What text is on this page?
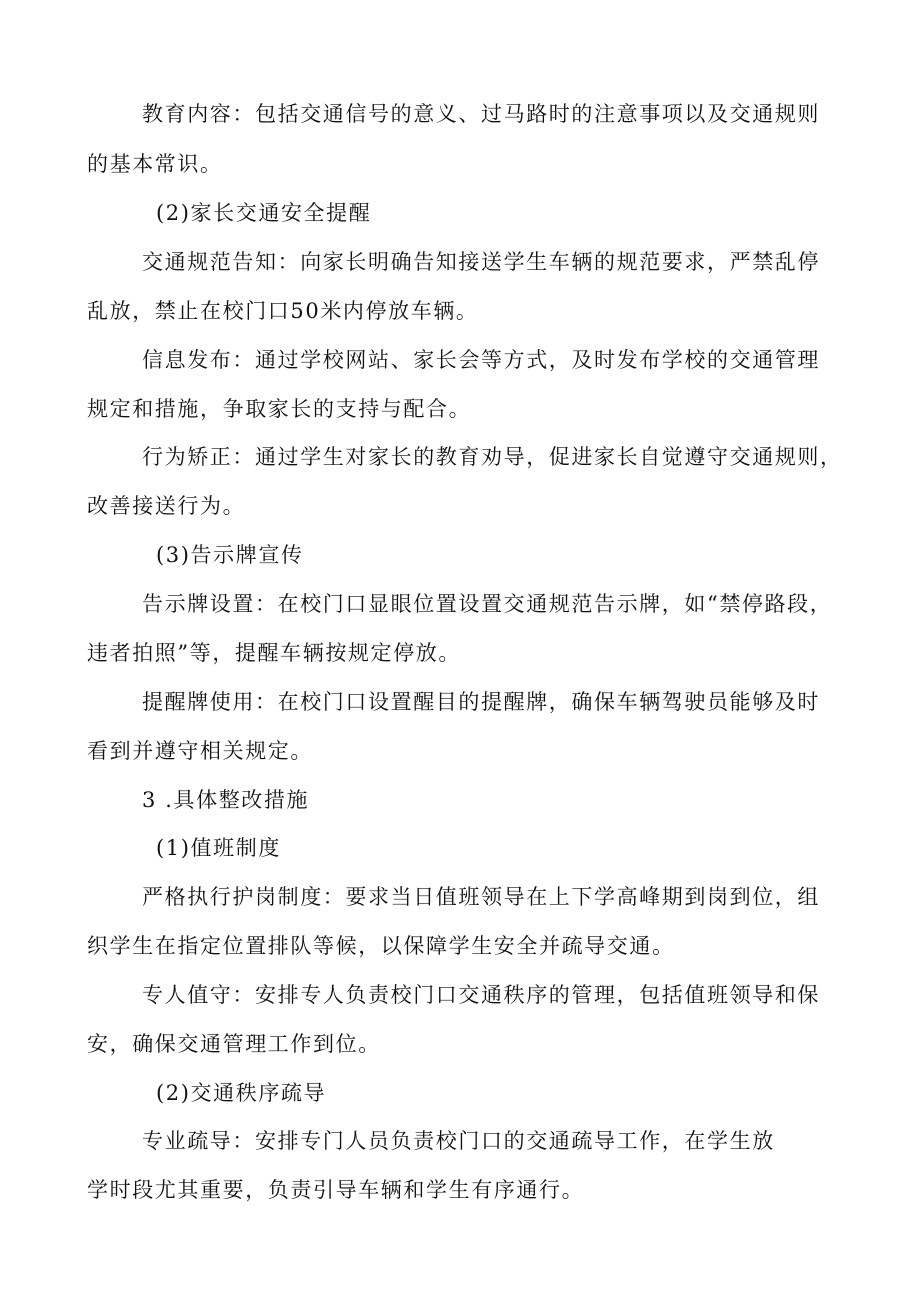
教育内容：包括交通信号的意义、过马路时的注意事项以及交通规则
的基本常识。
(2)家长交通安全提醒
交通规范告知：向家长明确告知接送学生车辆的规范要求，严禁乱停
乱放，禁止在校门口50米内停放车辆。
信息发布：通过学校网站、家长会等方式，及时发布学校的交通管理
规定和措施，争取家长的支持与配合。
行为矫正：通过学生对家长的教育劝导，促进家长自觉遵守交通规则，
改善接送行为。
(3)告示牌宣传
告示牌设置：在校门口显眼位置设置交通规范告示牌，如“禁停路段，
违者拍照”等，提醒车辆按规定停放。
提醒牌使用：在校门口设置醒目的提醒牌，确保车辆驾驶员能够及时
看到并遵守相关规定。
3 .具体整改措施
(1)值班制度
严格执行护岗制度：要求当日值班领导在上下学高峰期到岗到位，组
织学生在指定位置排队等候，以保障学生安全并疏导交通。
专人值守：安排专人负责校门口交通秩序的管理，包括值班领导和保
安，确保交通管理工作到位。
(2)交通秩序疏导
专业疏导：安排专门人员负责校门口的交通疏导工作，在学生放
学时段尤其重要，负责引导车辆和学生有序通行。
